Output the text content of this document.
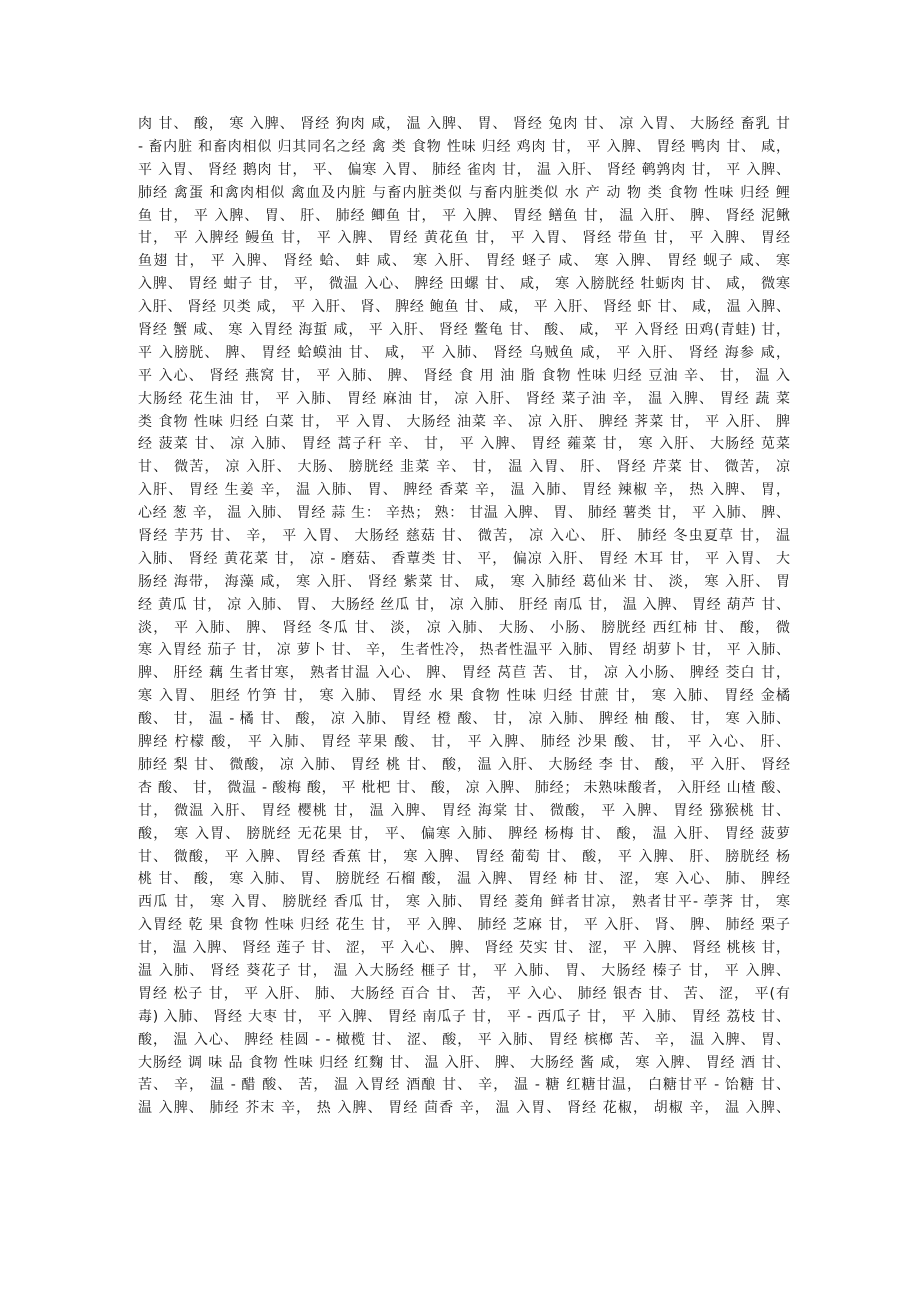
肉 甘、 酸， 寒 入脾、 肾经 狗肉 咸， 温 入脾、 胃、 肾经 兔肉 甘、 凉 入胃、 大肠经 畜乳 甘
- 畜内脏 和畜肉相似 归其同名之经 禽 类 食物 性味 归经 鸡肉 甘， 平 入脾、 胃经 鸭肉 甘、 咸，
平 入胃、 肾经 鹅肉 甘， 平、 偏寒 入胃、 肺经 雀肉 甘， 温 入肝、 肾经 鹌鹑肉 甘， 平 入脾、
肺经 禽蛋 和禽肉相似 禽血及内脏 与畜内脏类似 与畜内脏类似 水 产 动 物 类 食物 性味 归经 鲤
鱼 甘， 平 入脾、 胃、 肝、 肺经 鲫鱼 甘， 平 入脾、 胃经 鳝鱼 甘， 温 入肝、 脾、 肾经 泥鳅
甘， 平 入脾经 鳗鱼 甘， 平 入脾、 胃经 黄花鱼 甘， 平 入胃、 肾经 带鱼 甘， 平 入脾、 胃经
鱼翅 甘， 平 入脾、 肾经 蛤、 蚌 咸、 寒 入肝、 胃经 蛏子 咸、 寒 入脾、 胃经 蚬子 咸、 寒
入脾、 胃经 蚶子 甘， 平， 微温 入心、 脾经 田螺 甘、 咸， 寒 入膀胱经 牡蛎肉 甘、 咸， 微寒
入肝、 肾经 贝类 咸， 平 入肝、 肾、 脾经 鲍鱼 甘、 咸， 平 入肝、 肾经 虾 甘、 咸， 温 入脾、
肾经 蟹 咸、 寒 入胃经 海蜇 咸， 平 入肝、 肾经 鳖龟 甘、 酸、 咸， 平 入肾经 田鸡(青蛙) 甘，
平 入膀胱、 脾、 胃经 蛤蟆油 甘、 咸， 平 入肺、 肾经 乌贼鱼 咸， 平 入肝、 肾经 海参 咸，
平 入心、 肾经 燕窝 甘， 平 入肺、 脾、 肾经 食 用 油 脂 食物 性味 归经 豆油 辛、 甘， 温 入
大肠经 花生油 甘， 平 入肺、 胃经 麻油 甘， 凉 入肝、 肾经 菜子油 辛， 温 入脾、 胃经 蔬 菜
类 食物 性味 归经 白菜 甘， 平 入胃、 大肠经 油菜 辛、 凉 入肝、 脾经 荠菜 甘， 平 入肝、 脾
经 菠菜 甘、 凉 入肺、 胃经 蒿子秆 辛、 甘， 平 入脾、 胃经 蕹菜 甘， 寒 入肝、 大肠经 苋菜
甘、 微苦， 凉 入肝、 大肠、 膀胱经 韭菜 辛、 甘， 温 入胃、 肝、 肾经 芹菜 甘、 微苦， 凉
入肝、 胃经 生姜 辛， 温 入肺、 胃、 脾经 香菜 辛， 温 入肺、 胃经 辣椒 辛， 热 入脾、 胃，
心经 葱 辛， 温 入肺、 胃经 蒜 生： 辛热； 熟： 甘温 入脾、 胃、 肺经 薯类 甘， 平 入肺、 脾、
肾经 芋艿 甘、 辛， 平 入胃、 大肠经 慈菇 甘、 微苦， 凉 入心、 肝、 肺经 冬虫夏草 甘， 温
入肺、 肾经 黄花菜 甘， 凉 - 磨菇、 香蕈类 甘、 平， 偏凉 入肝、 胃经 木耳 甘， 平 入胃、 大
肠经 海带， 海藻 咸， 寒 入肝、 肾经 紫菜 甘、 咸， 寒 入肺经 葛仙米 甘、 淡， 寒 入肝、 胃
经 黄瓜 甘， 凉 入肺、 胃、 大肠经 丝瓜 甘， 凉 入肺、 肝经 南瓜 甘， 温 入脾、 胃经 葫芦 甘、
淡， 平 入肺、 脾、 肾经 冬瓜 甘、 淡， 凉 入肺、 大肠、 小肠、 膀胱经 西红柿 甘、 酸， 微
寒 入胃经 茄子 甘， 凉 萝卜 甘、 辛， 生者性冷， 热者性温平 入肺、 胃经 胡萝卜 甘， 平 入肺、
脾、 肝经 藕 生者甘寒， 熟者甘温 入心、 脾、 胃经 莴苣 苦、 甘， 凉 入小肠、 脾经 茭白 甘，
寒 入胃、 胆经 竹笋 甘， 寒 入肺、 胃经 水 果 食物 性味 归经 甘蔗 甘， 寒 入肺、 胃经 金橘
酸、 甘， 温 - 橘 甘、 酸， 凉 入肺、 胃经 橙 酸、 甘， 凉 入肺、 脾经 柚 酸、 甘， 寒 入肺、
脾经 柠檬 酸， 平 入肺、 胃经 苹果 酸、 甘， 平 入脾、 肺经 沙果 酸、 甘， 平 入心、 肝、
肺经 梨 甘、 微酸， 凉 入肺、 胃经 桃 甘、 酸， 温 入肝、 大肠经 李 甘、 酸， 平 入肝、 肾经
杏 酸、 甘， 微温 - 酸梅 酸， 平 枇杷 甘、 酸， 凉 入脾、 肺经； 未熟味酸者， 入肝经 山楂 酸、
甘， 微温 入肝、 胃经 樱桃 甘， 温 入脾、 胃经 海棠 甘、 微酸， 平 入脾、 胃经 猕猴桃 甘、
酸， 寒 入胃、 膀胱经 无花果 甘， 平、 偏寒 入肺、 脾经 杨梅 甘、 酸， 温 入肝、 胃经 菠萝
甘、 微酸， 平 入脾、 胃经 香蕉 甘， 寒 入脾、 胃经 葡萄 甘、 酸， 平 入脾、 肝、 膀胱经 杨
桃 甘、 酸， 寒 入肺、 胃、 膀胱经 石榴 酸， 温 入脾、 胃经 柿 甘、 涩， 寒 入心、 肺、 脾经
西瓜 甘， 寒 入胃、 膀胱经 香瓜 甘， 寒 入肺、 胃经 菱角 鲜者甘凉， 熟者甘平- 荸荠 甘， 寒
入胃经 乾 果 食物 性味 归经 花生 甘， 平 入脾、 肺经 芝麻 甘， 平 入肝、 肾、 脾、 肺经 栗子
甘， 温 入脾、 肾经 莲子 甘、 涩， 平 入心、 脾、 肾经 芡实 甘、 涩， 平 入脾、 肾经 桃核 甘，
温 入肺、 肾经 葵花子 甘， 温 入大肠经 榧子 甘， 平 入肺、 胃、 大肠经 榛子 甘， 平 入脾、
胃经 松子 甘， 平 入肝、 肺、 大肠经 百合 甘、 苦， 平 入心、 肺经 银杏 甘、 苦、 涩， 平(有
毒) 入肺、 肾经 大枣 甘， 平 入脾、 胃经 南瓜子 甘， 平 - 西瓜子 甘， 平 入肺、 胃经 荔枝 甘、
酸， 温 入心、 脾经 桂圆 - - 橄榄 甘、 涩、 酸， 平 入肺、 胃经 槟榔 苦、 辛， 温 入脾、 胃、
大肠经 调 味 品 食物 性味 归经 红麴 甘、 温 入肝、 脾、 大肠经 酱 咸， 寒 入脾、 胃经 酒 甘、
苦、 辛， 温 - 醋 酸、 苦， 温 入胃经 酒酿 甘、 辛， 温 - 糖 红糖甘温， 白糖甘平 - 饴糖 甘、
温 入脾、 肺经 芥末 辛， 热 入脾、 胃经 茴香 辛， 温 入胃、 肾经 花椒， 胡椒 辛， 温 入脾、
